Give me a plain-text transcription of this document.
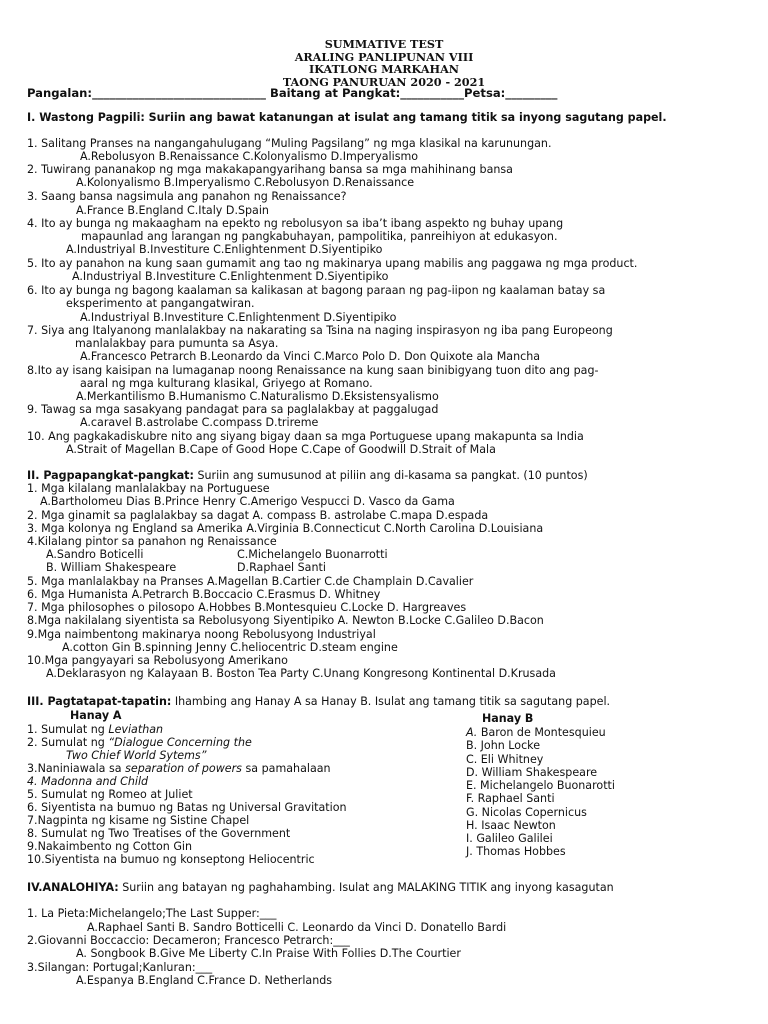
SUMMATIVE TEST
ARALING PANLIPUNAN VIII
IKATLONG MARKAHAN
TAONG PANURUAN 2020 - 2021
Pangalan:______________________________ Baitang at Pangkat:___________Petsa:_________
I. Wastong Pagpili: Suriin ang bawat katanungan at isulat ang tamang titik sa inyong sagutang papel.
1. Salitang Pranses na nangangahulugang “Muling Pagsilang” ng mga klasikal na karunungan.
A.Rebolusyon B.Renaissance C.Kolonyalismo D.Imperyalismo
2. Tuwirang pananakop ng mga makakapangyarihang bansa sa mga mahihinang bansa
A.Kolonyalismo B.Imperyalismo C.Rebolusyon D.Renaissance
3. Saang bansa nagsimula ang panahon ng Renaissance?
A.France B.England C.Italy D.Spain
4. Ito ay bunga ng makaagham na epekto ng rebolusyon sa iba’t ibang aspekto ng buhay upang
mapaunlad ang larangan ng pangkabuhayan, pampolitika, panreihiyon at edukasyon.
A.Industriyal B.Investiture C.Enlightenment D.Siyentipiko
5. Ito ay panahon na kung saan gumamit ang tao ng makinarya upang mabilis ang paggawa ng mga product.
A.Industriyal B.Investiture C.Enlightenment D.Siyentipiko
6. Ito ay bunga ng bagong kaalaman sa kalikasan at bagong paraan ng pag-iipon ng kaalaman batay sa
eksperimento at pangangatwiran.
A.Industriyal B.Investiture C.Enlightenment D.Siyentipiko
7. Siya ang Italyanong manlalakbay na nakarating sa Tsina na naging inspirasyon ng iba pang Europeong
manlalakbay para pumunta sa Asya.
A.Francesco Petrarch B.Leonardo da Vinci C.Marco Polo D. Don Quixote ala Mancha
8.Ito ay isang kaisipan na lumaganap noong Renaissance na kung saan binibigyang tuon dito ang pag-
aaral ng mga kulturang klasikal, Griyego at Romano.
A.Merkantilismo B.Humanismo C.Naturalismo D.Eksistensyalismo
9. Tawag sa mga sasakyang pandagat para sa paglalakbay at paggalugad
A.caravel B.astrolabe C.compass D.trireme
10. Ang pagkakadiskubre nito ang siyang bigay daan sa mga Portuguese upang makapunta sa India
A.Strait of Magellan B.Cape of Good Hope C.Cape of Goodwill D.Strait of Mala
II. Pagpapangkat-pangkat: Suriin ang sumusunod at piliin ang di-kasama sa pangkat. (10 puntos)
1. Mga kilalang manlalakbay na Portuguese
A.Bartholomeu Dias B.Prince Henry C.Amerigo Vespucci D. Vasco da Gama
2. Mga ginamit sa paglalakbay sa dagat A. compass B. astrolabe C.mapa D.espada
3. Mga kolonya ng England sa Amerika A.Virginia B.Connecticut C.North Carolina D.Louisiana
4.Kilalang pintor sa panahon ng Renaissance
A.Sandro Boticelli	C.Michelangelo Buonarrotti
B. William Shakespeare	D.Raphael Santi
5. Mga manlalakbay na Pranses A.Magellan B.Cartier C.de Champlain D.Cavalier
6. Mga Humanista A.Petrarch B.Boccacio C.Erasmus D. Whitney
7. Mga philosophes o pilosopo A.Hobbes B.Montesquieu C.Locke D. Hargreaves
8.Mga nakilalang siyentista sa Rebolusyong Siyentipiko A. Newton B.Locke C.Galileo D.Bacon
9.Mga naimbentong makinarya noong Rebolusyong Industriyal
A.cotton Gin B.spinning Jenny C.heliocentric D.steam engine
10.Mga pangyayari sa Rebolusyong Amerikano
A.Deklarasyon ng Kalayaan B. Boston Tea Party C.Unang Kongresong Kontinental D.Krusada
III. Pagtatapat-tapatin: Ihambing ang Hanay A sa Hanay B. Isulat ang tamang titik sa sagutang papel.
Hanay A	Hanay B
1. Sumulat ng Leviathan
2. Sumulat ng “Dialogue Concerning the
Two Chief World Sytems”
3.Naniniawala sa separation of powers sa pamahalaan
4. Madonna and Child
5. Sumulat ng Romeo at Juliet
6. Siyentista na bumuo ng Batas ng Universal Gravitation
7.Nagpinta ng kisame ng Sistine Chapel
8. Sumulat ng Two Treatises of the Government
9.Nakaimbento ng Cotton Gin
10.Siyentista na bumuo ng konseptong Heliocentric
A. Baron de Montesquieu
B. John Locke
C. Eli Whitney
D. William Shakespeare
E. Michelangelo Buonarotti
F. Raphael Santi
G. Nicolas Copernicus
H. Isaac Newton
I. Galileo Galilei
J. Thomas Hobbes
IV.ANALOHIYA: Suriin ang batayan ng paghahambing. Isulat ang MALAKING TITIK ang inyong kasagutan
1. La Pieta:Michelangelo;The Last Supper:___
A.Raphael Santi B. Sandro Botticelli C. Leonardo da Vinci D. Donatello Bardi
2.Giovanni Boccaccio: Decameron; Francesco Petrarch:___
A. Songbook B.Give Me Liberty C.In Praise With Follies D.The Courtier
3.Silangan: Portugal;Kanluran:___
A.Espanya B.England C.France D. Netherlands
